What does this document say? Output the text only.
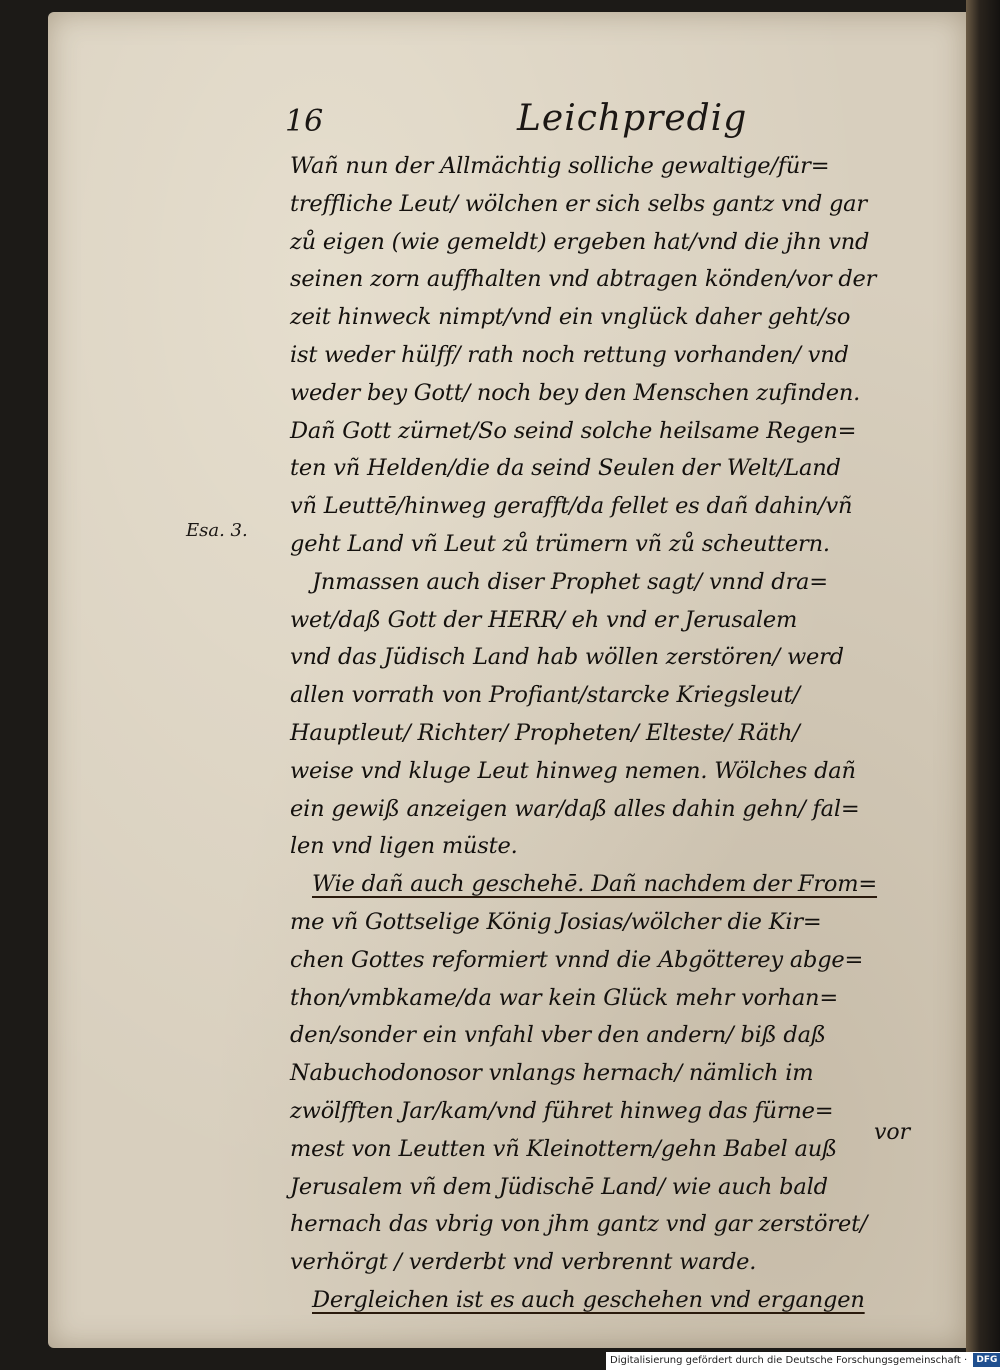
16	Leichpredig
Esa. 3.
Wañ nun der Allmächtig solliche gewaltige/für=
treffliche Leut/ wölchen er sich selbs gantz vnd gar
zů eigen (wie gemeldt) ergeben hat/vnd die jhn vnd
seinen zorn auffhalten vnd abtragen könden/vor der
zeit hinweck nimpt/vnd ein vnglück daher geht/so
ist weder hülff/ rath noch rettung vorhanden/ vnd
weder bey Gott/ noch bey den Menschen zufinden.
Dañ Gott zürnet/So seind solche heilsame Regen=
ten vñ Helden/die da seind Seulen der Welt/Land
vñ Leuttē/hinweg gerafft/da fellet es dañ dahin/vñ
geht Land vñ Leut zů trümern vñ zů scheuttern.
Jnmassen auch diser Prophet sagt/ vnnd dra=
wet/daß Gott der HERR/ eh vnd er Jerusalem
vnd das Jüdisch Land hab wöllen zerstören/ werd
allen vorrath von Profiant/starcke Kriegsleut/
Hauptleut/ Richter/ Propheten/ Elteste/ Räth/
weise vnd kluge Leut hinweg nemen. Wölches dañ
ein gewiß anzeigen war/daß alles dahin gehn/ fal=
len vnd ligen müste.
Wie dañ auch geschehē. Dañ nachdem der From=
me vñ Gottselige König Josias/wölcher die Kir=
chen Gottes reformiert vnnd die Abgötterey abge=
thon/vmbkame/da war kein Glück mehr vorhan=
den/sonder ein vnfahl vber den andern/ biß daß
Nabuchodonosor vnlangs hernach/ nämlich im
zwölfften Jar/kam/vnd führet hinweg das fürne=
mest von Leutten vñ Kleinottern/gehn Babel auß
Jerusalem vñ dem Jüdischē Land/ wie auch bald
hernach das vbrig von jhm gantz vnd gar zerstöret/
verhörgt / verderbt vnd verbrennt warde.
Dergleichen ist es auch geschehen vnd ergangen
vor
Digitalisierung gefördert durch die Deutsche Forschungsgemeinschaft · DFG
